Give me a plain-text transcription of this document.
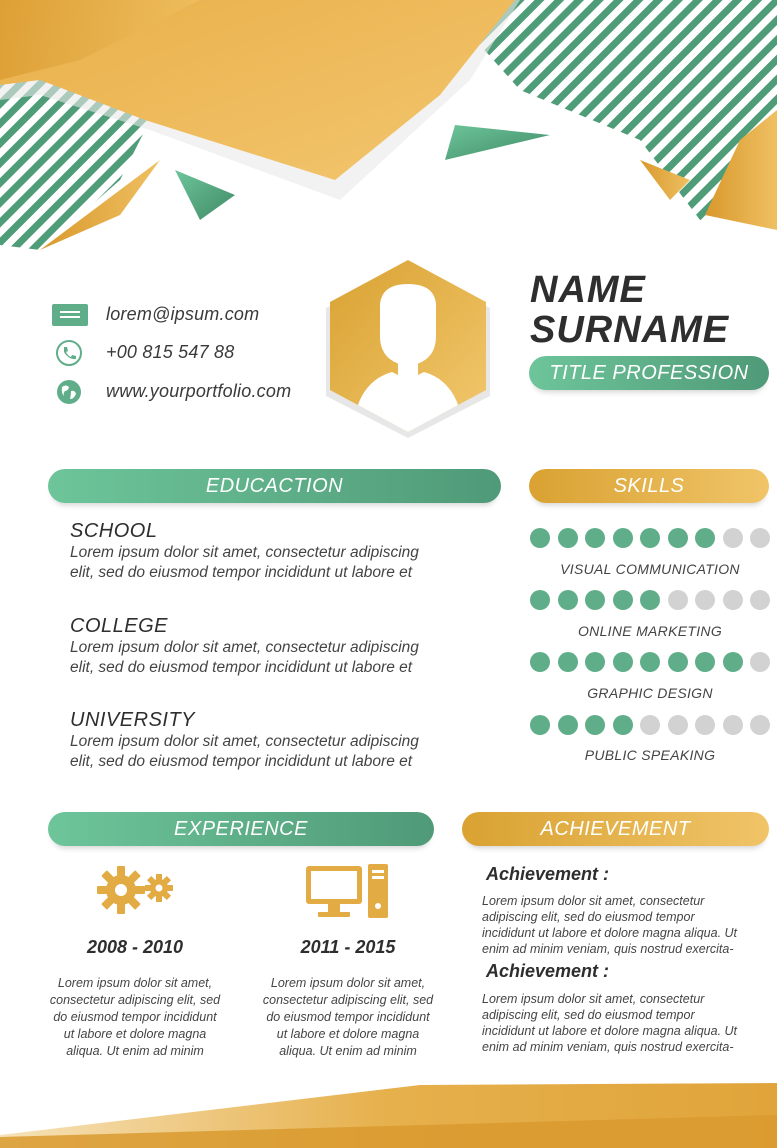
lorem@ipsum.com
+00 815 547 88
www.yourportfolio.com
NAME
SURNAME
TITLE PROFESSION
EDUCACTION
SCHOOL
Lorem ipsum dolor sit amet, consectetur adipiscing
elit, sed do eiusmod tempor incididunt ut labore et
COLLEGE
Lorem ipsum dolor sit amet, consectetur adipiscing
elit, sed do eiusmod tempor incididunt ut labore et
UNIVERSITY
Lorem ipsum dolor sit amet, consectetur adipiscing
elit, sed do eiusmod tempor incididunt ut labore et
SKILLS
VISUAL COMMUNICATION
ONLINE MARKETING
GRAPHIC DESIGN
PUBLIC SPEAKING
EXPERIENCE
2008 - 2010
Lorem ipsum dolor sit amet,
consectetur adipiscing elit, sed
do eiusmod tempor incididunt
ut labore et dolore magna
aliqua. Ut enim ad minim
2011 - 2015
Lorem ipsum dolor sit amet,
consectetur adipiscing elit, sed
do eiusmod tempor incididunt
ut labore et dolore magna
aliqua. Ut enim ad minim
ACHIEVEMENT
Achievement :
Lorem ipsum dolor sit amet, consectetur
adipiscing elit, sed do eiusmod tempor
incididunt ut labore et dolore magna aliqua. Ut
enim ad minim veniam, quis nostrud exercita-
Achievement :
Lorem ipsum dolor sit amet, consectetur
adipiscing elit, sed do eiusmod tempor
incididunt ut labore et dolore magna aliqua. Ut
enim ad minim veniam, quis nostrud exercita-
